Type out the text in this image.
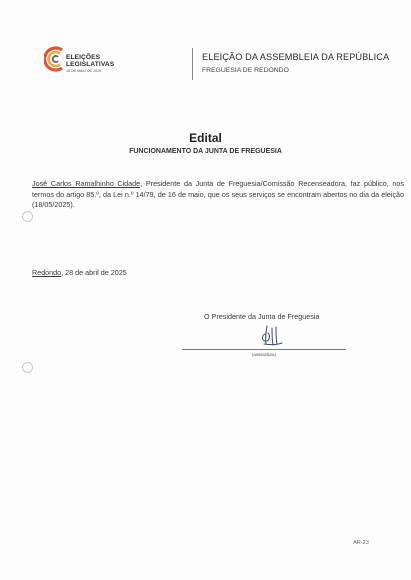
ELEIÇÕES
LEGISLATIVAS
18 DE MAIO DE 2025
ELEIÇÃO DA ASSEMBLEIA DA REPÚBLICA
FREGUESIA DE REDONDO
Edital
FUNCIONAMENTO DA JUNTA DE FREGUESIA
José Carlos Ramalhinho Cidade, Presidente da Junta de Freguesia/Comissão Recenseadora, faz público, nos termos do artigo 85.º, da Lei n.º 14/79, de 16 de maio, que os seus serviços se encontram abertos no dia da eleição (18/05/2025).
Redondo, 28 de abril de 2025
O Presidente da Junta de Freguesia
(assinatura)
AR-23
